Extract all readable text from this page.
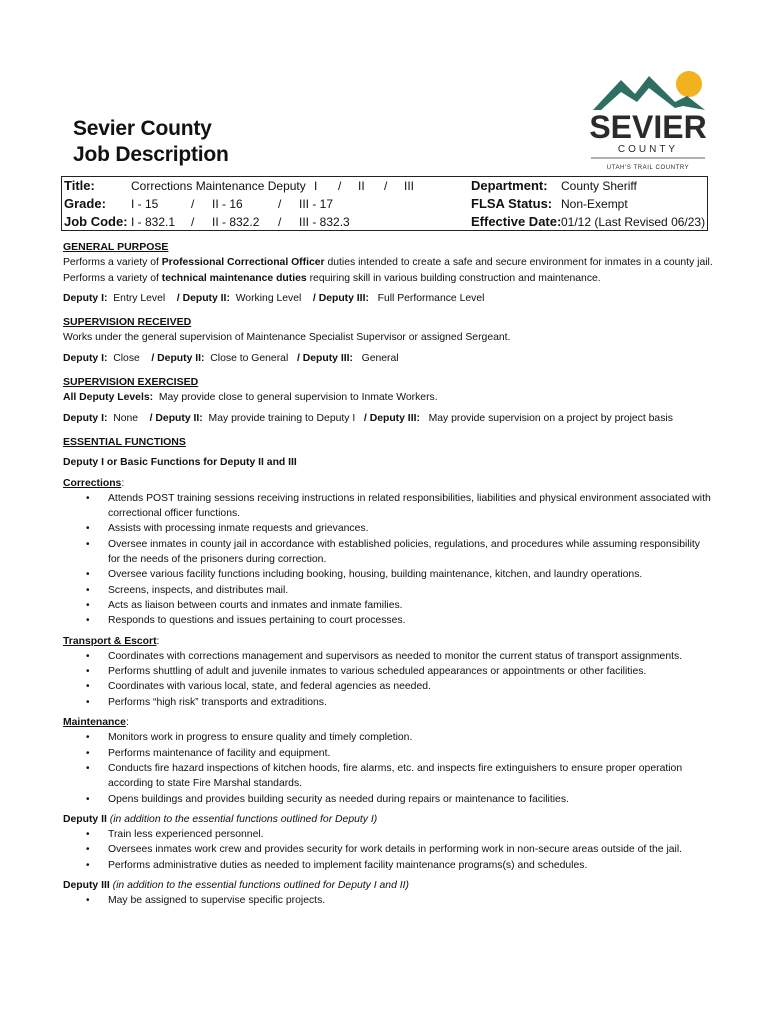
Sevier County
Job Description
SEVIER
COUNTY
UTAH'S TRAIL COUNTRY
Title:	Corrections Maintenance Deputy I / II / III	Department: County Sheriff
Grade: I - 15	/ II - 16	/ III - 17	FLSA Status: Non-Exempt
Job Code: I - 832.1 / II - 832.2 / III - 832.3	Effective Date: 01/12 (Last Revised 06/23)

GENERAL PURPOSE

Performs a variety of Professional Correctional Officer duties intended to create a safe and secure environment for inmates in a county jail.

Performs a variety of technical maintenance duties requiring skill in various building construction and maintenance.

Deputy I: Entry Level / Deputy II: Working Level / Deputy III: Full Performance Level

SUPERVISION RECEIVED

Works under the general supervision of Maintenance Specialist Supervisor or assigned Sergeant.

Deputy I: Close / Deputy II: Close to General / Deputy III: General

SUPERVISION EXERCISED

All Deputy Levels: May provide close to general supervision to Inmate Workers.

Deputy I: None / Deputy II: May provide training to Deputy I / Deputy III: May provide supervision on a project by project basis

ESSENTIAL FUNCTIONS

Deputy I or Basic Functions for Deputy II and III

Corrections:

• Attends POST training sessions receiving instructions in related responsibilities, liabilities and physical environment associated with correctional officer functions.
• Assists with processing inmate requests and grievances.
• Oversee inmates in county jail in accordance with established policies, regulations, and procedures while assuming responsibility for the needs of the prisoners during correction.
• Oversee various facility functions including booking, housing, building maintenance, kitchen, and laundry operations.
• Screens, inspects, and distributes mail.
• Acts as liaison between courts and inmates and inmate families.
• Responds to questions and issues pertaining to court processes.

Transport & Escort:

• Coordinates with corrections management and supervisors as needed to monitor the current status of transport assignments.
• Performs shuttling of adult and juvenile inmates to various scheduled appearances or appointments or other facilities.
• Coordinates with various local, state, and federal agencies as needed.
• Performs “high risk” transports and extraditions.

Maintenance:

• Monitors work in progress to ensure quality and timely completion.
• Performs maintenance of facility and equipment.
• Conducts fire hazard inspections of kitchen hoods, fire alarms, etc. and inspects fire extinguishers to ensure proper operation according to state Fire Marshal standards.
• Opens buildings and provides building security as needed during repairs or maintenance to facilities.

Deputy II (in addition to the essential functions outlined for Deputy I)

• Train less experienced personnel.
• Oversees inmates work crew and provides security for work details in performing work in non-secure areas outside of the jail.
• Performs administrative duties as needed to implement facility maintenance programs(s) and schedules.

Deputy III (in addition to the essential functions outlined for Deputy I and II)

• May be assigned to supervise specific projects.
